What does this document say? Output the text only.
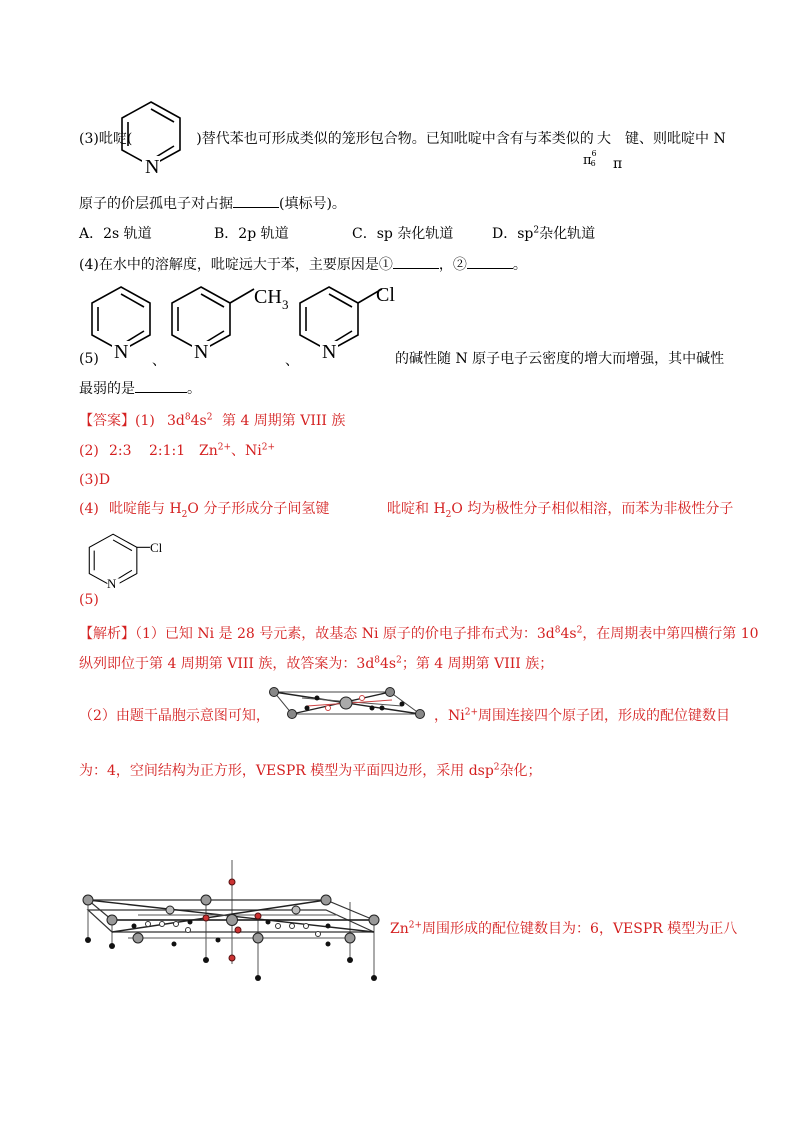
(3)吡啶(	)替代苯也可形成类似的笼形包合物。已知吡啶中含有与苯类似的
N
大 键、则吡啶中 N
$\pi^66$	π
原子的价层孤电子对占据	(填标号)。
A．2s 轨道	B．2p 轨道	C．sp 杂化轨道	D．$sp^2$杂化轨道
(4)在水中的溶解度，吡啶远大于苯，主要原因是①	，②	。
(5) N 、 N
CH 3
、 N
Cl
的碱性随 N 原子电子云密度的增大而增强，其中碱性
最弱的是	。
【答案】(1) $3d^84s^2$ 第 4 周期第 VIII 族
(2) 2:3 2:1:1 $Zn^{2+}$、$Ni^{2+}$
(3)D
(4) 吡啶能与 $H_2O$ 分子形成分子间氢键	吡啶和 $H_2O$ 均为极性分子相似相溶，而苯为非极性分子
N
Cl
(5)
【解析】（1）已知 Ni 是 28 号元素，故基态 Ni 原子的价电子排布式为：$3d^84s^2$，在周期表中第四横行第 10
纵列即位于第 4 周期第 VIII 族，故答案为：$3d^84s^2$；第 4 周期第 VIII 族；
（2）由题干晶胞示意图可知，	，$Ni^{2+}$周围连接四个原子团，形成的配位键数目
为：4，空间结构为正方形，VESPR 模型为平面四边形，采用 dsp$^2$杂化；
$Zn^{2+}$周围形成的配位键数目为：6，VESPR 模型为正八
